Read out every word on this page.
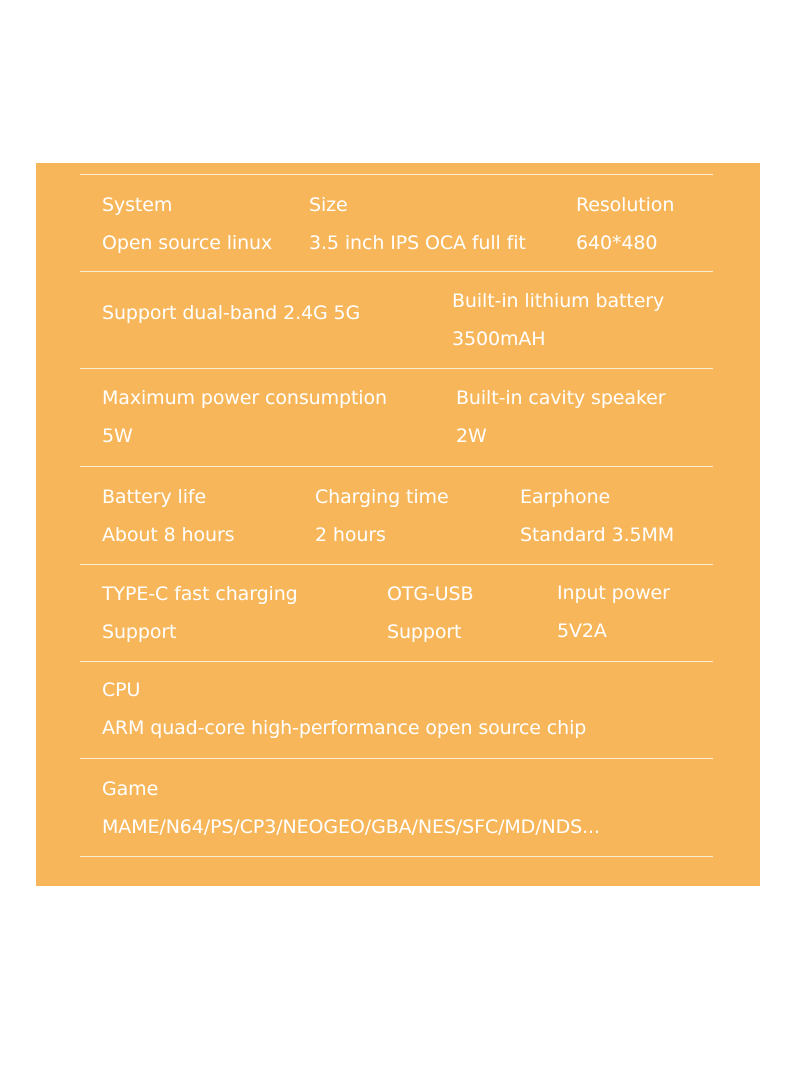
System
Open source linux
Size
3.5 inch IPS OCA full fit
Resolution
640*480
Support dual-band 2.4G 5G
Built-in lithium battery
3500mAH
Maximum power consumption
5W
Built-in cavity speaker
2W
Battery life
About 8 hours
Charging time
2 hours
Earphone
Standard 3.5MM
TYPE-C fast charging
Support
OTG-USB
Support
Input power
5V2A
CPU
ARM quad-core high-performance open source chip
Game
MAME/N64/PS/CP3/NEOGEO/GBA/NES/SFC/MD/NDS...
